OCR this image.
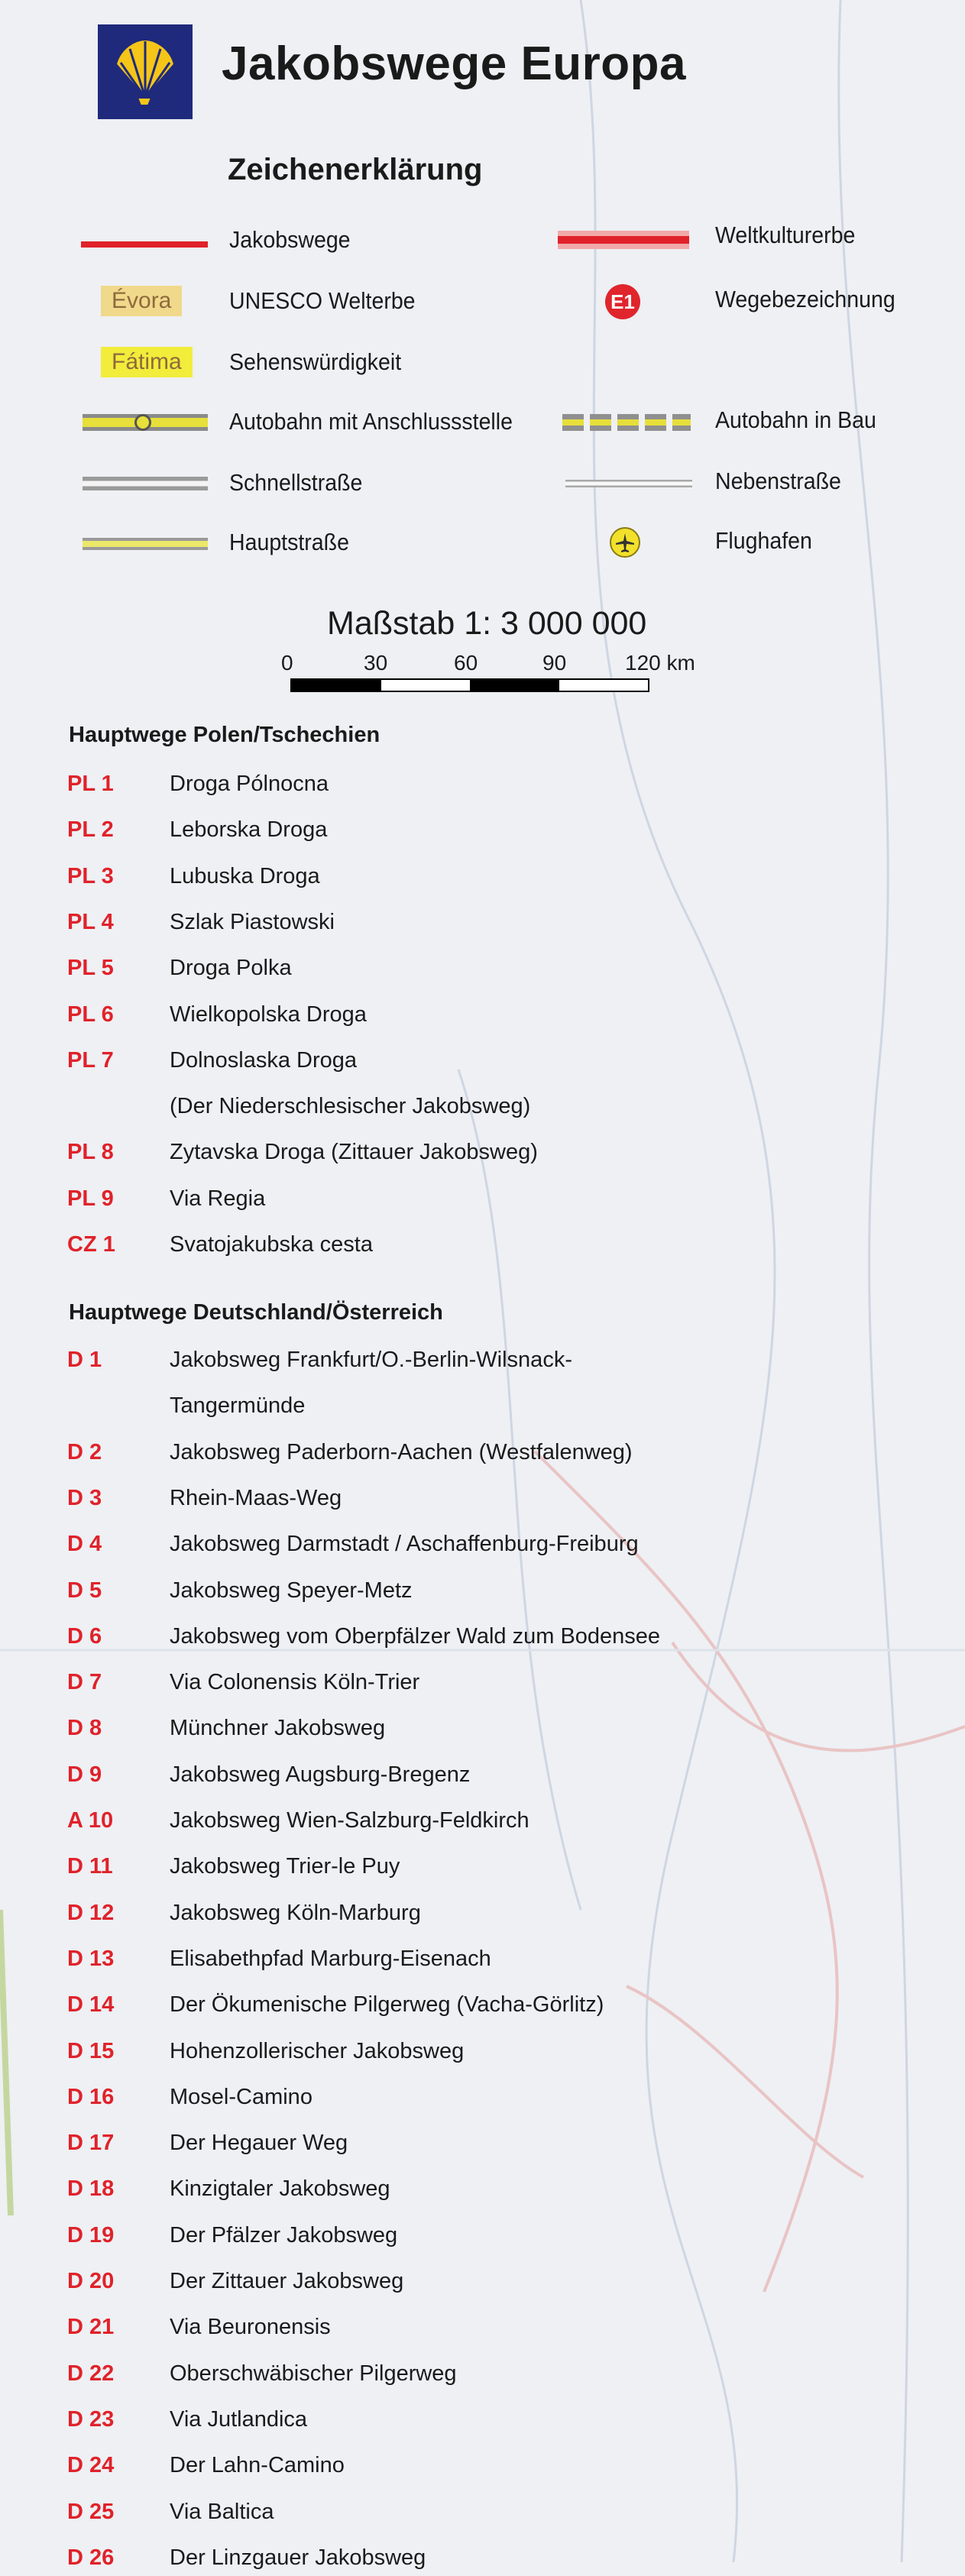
Jakobswege Europa
Zeichenerklärung
Jakobswege	Weltkulturerbe
Évora	UNESCO Welterbe	E1	Wegebezeichnung
Fátima	Sehenswürdigkeit
Autobahn mit Anschlussstelle	Autobahn in Bau
Schnellstraße	Nebenstraße
Hauptstraße	Flughafen
Maßstab 1: 3 000 000
0	30	60	90	120 km
Hauptwege Polen/Tschechien
PL 1	Droga Pólnocna
PL 2	Leborska Droga
PL 3	Lubuska Droga
PL 4	Szlak Piastowski
PL 5	Droga Polka
PL 6	Wielkopolska Droga
PL 7	Dolnoslaska Droga
(Der Niederschlesischer Jakobsweg)
PL 8	Zytavska Droga (Zittauer Jakobsweg)
PL 9	Via Regia
CZ 1	Svatojakubska cesta
Hauptwege Deutschland/Österreich
D 1	Jakobsweg Frankfurt/O.-Berlin-Wilsnack-
Tangermünde
D 2	Jakobsweg Paderborn-Aachen (Westfalenweg)
D 3	Rhein-Maas-Weg
D 4	Jakobsweg Darmstadt / Aschaffenburg-Freiburg
D 5	Jakobsweg Speyer-Metz
D 6	Jakobsweg vom Oberpfälzer Wald zum Bodensee
D 7	Via Colonensis Köln-Trier
D 8	Münchner Jakobsweg
D 9	Jakobsweg Augsburg-Bregenz
A 10	Jakobsweg Wien-Salzburg-Feldkirch
D 11	Jakobsweg Trier-le Puy
D 12	Jakobsweg Köln-Marburg
D 13	Elisabethpfad Marburg-Eisenach
D 14	Der Ökumenische Pilgerweg (Vacha-Görlitz)
D 15	Hohenzollerischer Jakobsweg
D 16	Mosel-Camino
D 17	Der Hegauer Weg
D 18	Kinzigtaler Jakobsweg
D 19	Der Pfälzer Jakobsweg
D 20	Der Zittauer Jakobsweg
D 21	Via Beuronensis
D 22	Oberschwäbischer Pilgerweg
D 23	Via Jutlandica
D 24	Der Lahn-Camino
D 25	Via Baltica
D 26	Der Linzgauer Jakobsweg
